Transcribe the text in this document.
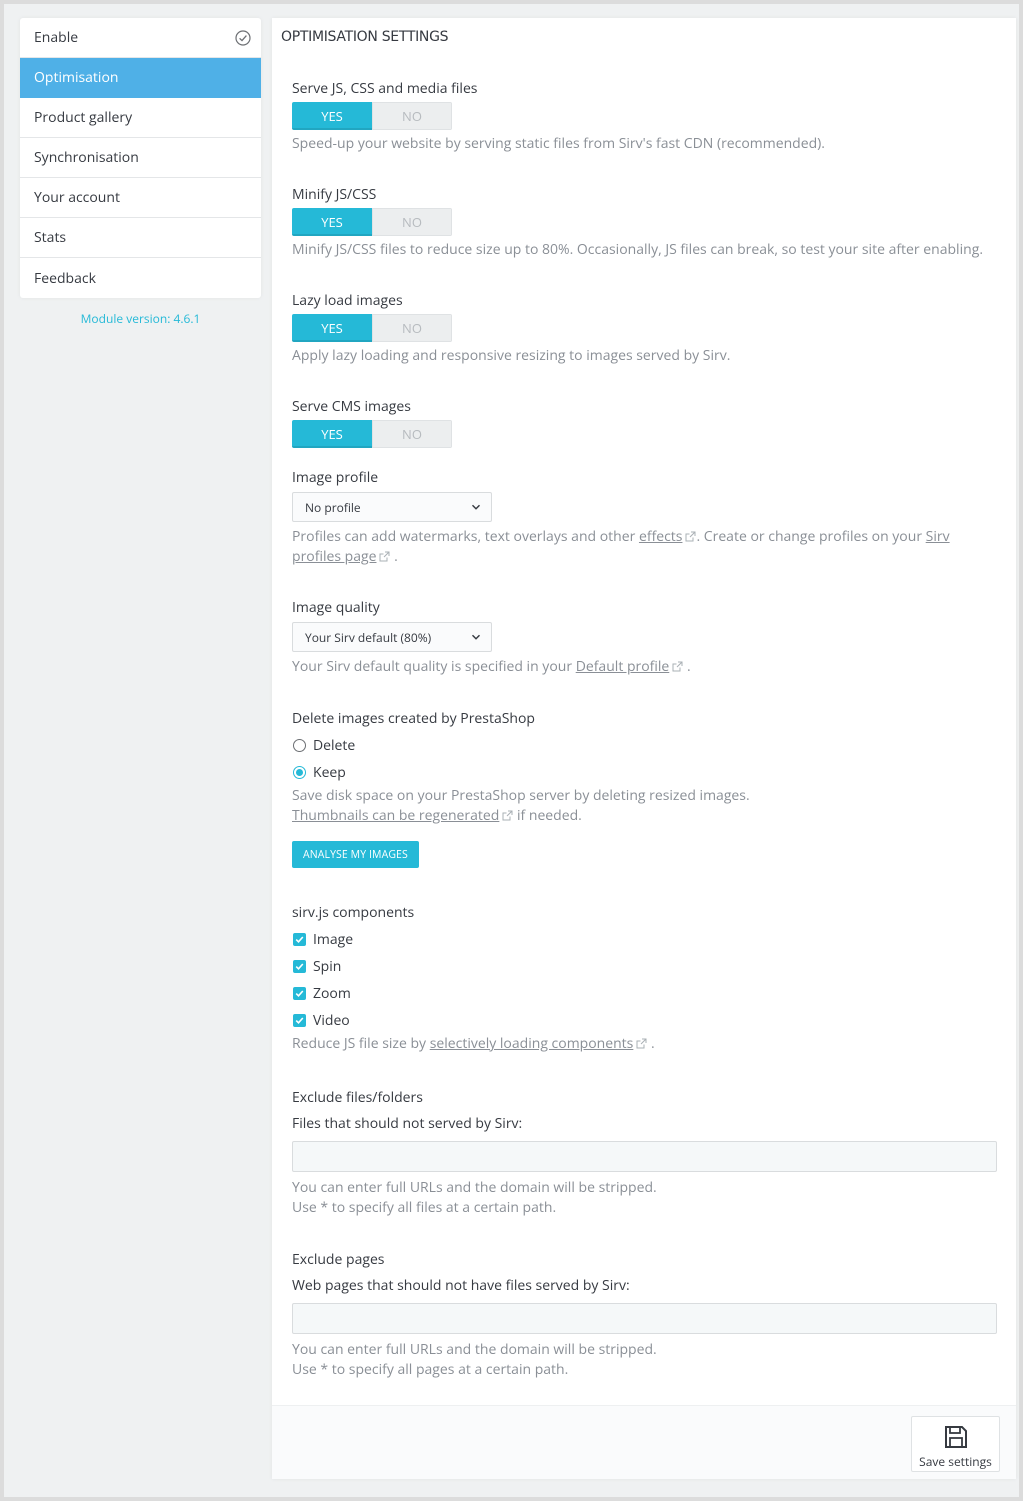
Enable
Optimisation
Product gallery
Synchronisation
Your account
Stats
Feedback
Module version: 4.6.1
OPTIMISATION SETTINGS
Serve JS, CSS and media files
YES	NO
Speed-up your website by serving static files from Sirv's fast CDN (recommended).
Minify JS/CSS
YES	NO
Minify JS/CSS files to reduce size up to 80%. Occasionally, JS files can break, so test your site after enabling.
Lazy load images
YES	NO
Apply lazy loading and responsive resizing to images served by Sirv.
Serve CMS images
YES	NO
Image profile
No profile
Profiles can add watermarks, text overlays and other effects . Create or change profiles on your Sirv
profiles page .
Image quality
Your Sirv default (80%)
Your Sirv default quality is specified in your Default profile .
Delete images created by PrestaShop
Delete
Keep
Save disk space on your PrestaShop server by deleting resized images.
Thumbnails can be regenerated if needed.
ANALYSE MY IMAGES
sirv.js components
Image
Spin
Zoom
Video
Reduce JS file size by selectively loading components .
Exclude files/folders
Files that should not served by Sirv:
You can enter full URLs and the domain will be stripped.
Use * to specify all files at a certain path.
Exclude pages
Web pages that should not have files served by Sirv:
You can enter full URLs and the domain will be stripped.
Use * to specify all pages at a certain path.
Save settings
